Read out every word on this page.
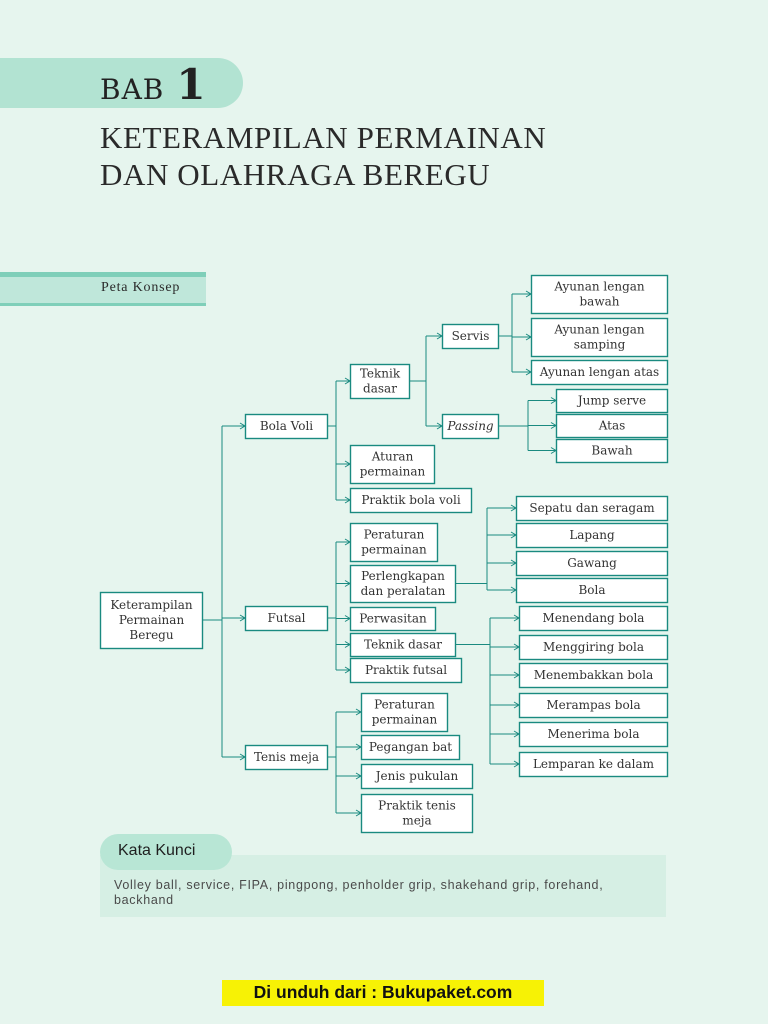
BAB 1
KETERAMPILAN PERMAINAN
DAN OLAHRAGA BEREGU
Peta Konsep
Keterampilan
Permainan
Beregu
Bola Voli
Futsal
Tenis meja
Teknik
dasar
Aturan
permainan
Praktik bola voli
Servis
Passing
Ayunan lengan
bawah
Ayunan lengan
samping
Ayunan lengan atas
Jump serve
Atas
Bawah
Peraturan
permainan
Perlengkapan
dan peralatan
Perwasitan
Teknik dasar
Praktik futsal
Sepatu dan seragam
Lapang
Gawang
Bola
Menendang bola
Menggiring bola
Menembakkan bola
Merampas bola
Menerima bola
Lemparan ke dalam
Peraturan
permainan
Pegangan bat
Jenis pukulan
Praktik tenis
meja
Kata Kunci

Volley ball, service, FIPA, pingpong, penholder grip, shakehand grip, forehand, backhand

Di unduh dari : Bukupaket.com
